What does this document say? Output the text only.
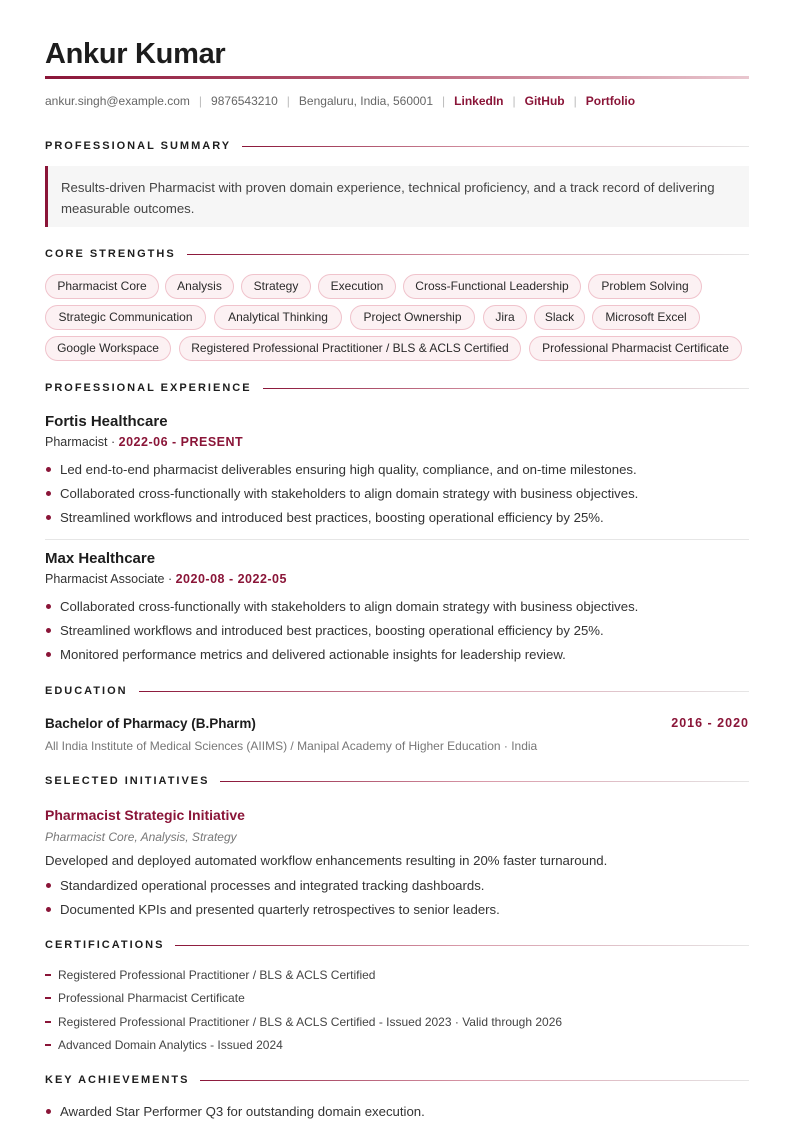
Ankur Kumar
ankur.singh@example.com | 9876543210 | Bengaluru, India, 560001 | LinkedIn | GitHub | Portfolio
PROFESSIONAL SUMMARY
Results-driven Pharmacist with proven domain experience, technical proficiency, and a track record of delivering measurable outcomes.
CORE STRENGTHS
Pharmacist Core	Analysis	Strategy	Execution	Cross-Functional Leadership	Problem Solving
Strategic Communication	Analytical Thinking	Project Ownership	Jira	Slack	Microsoft Excel
Google Workspace	Registered Professional Practitioner / BLS & ACLS Certified	Professional Pharmacist Certificate
PROFESSIONAL EXPERIENCE
Fortis Healthcare
Pharmacist · 2022-06 - PRESENT
Led end-to-end pharmacist deliverables ensuring high quality, compliance, and on-time milestones.
Collaborated cross-functionally with stakeholders to align domain strategy with business objectives.
Streamlined workflows and introduced best practices, boosting operational efficiency by 25%.
Max Healthcare
Pharmacist Associate · 2020-08 - 2022-05
Collaborated cross-functionally with stakeholders to align domain strategy with business objectives.
Streamlined workflows and introduced best practices, boosting operational efficiency by 25%.
Monitored performance metrics and delivered actionable insights for leadership review.
EDUCATION
Bachelor of Pharmacy (B.Pharm)	2016 - 2020
All India Institute of Medical Sciences (AIIMS) / Manipal Academy of Higher Education · India
SELECTED INITIATIVES
Pharmacist Strategic Initiative
Pharmacist Core, Analysis, Strategy
Developed and deployed automated workflow enhancements resulting in 20% faster turnaround.
Standardized operational processes and integrated tracking dashboards.
Documented KPIs and presented quarterly retrospectives to senior leaders.
CERTIFICATIONS
Registered Professional Practitioner / BLS & ACLS Certified
Professional Pharmacist Certificate
Registered Professional Practitioner / BLS & ACLS Certified - Issued 2023 · Valid through 2026
Advanced Domain Analytics - Issued 2024
KEY ACHIEVEMENTS
Awarded Star Performer Q3 for outstanding domain execution.
